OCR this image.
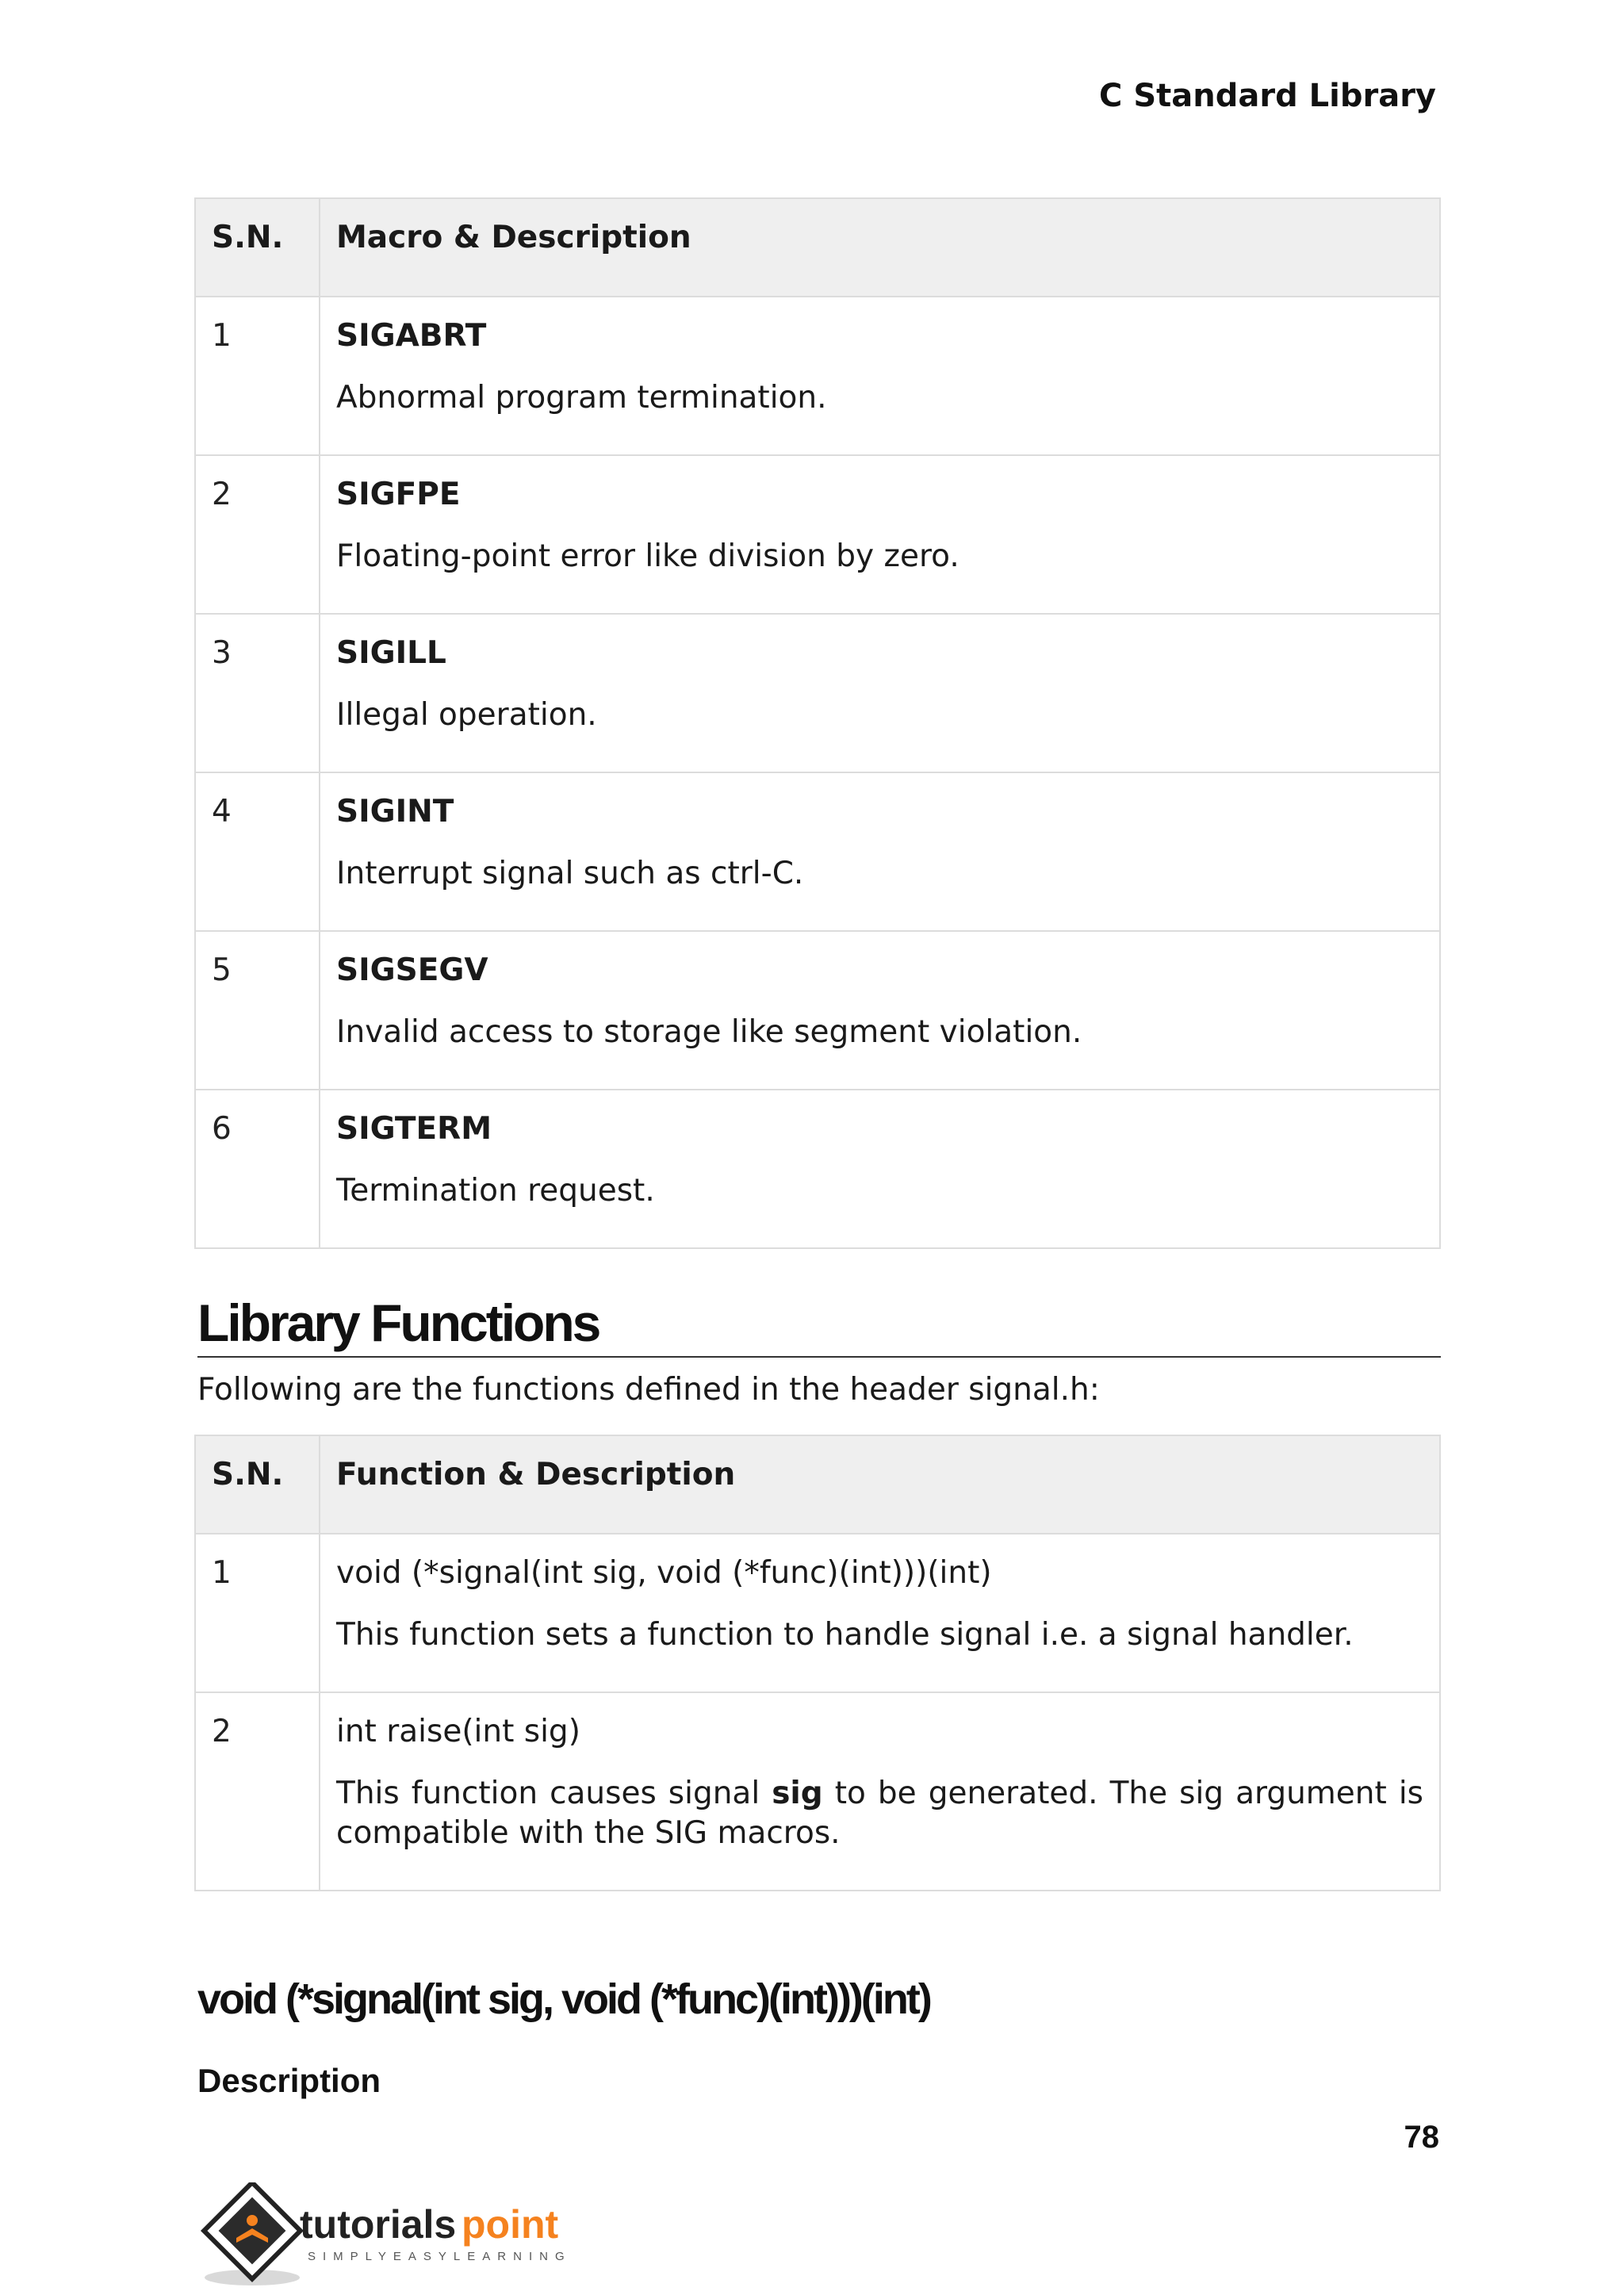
C Standard Library
S.N.	Macro & Description
1	SIGABRT
Abnormal program termination.

2	SIGFPE
Floating-point error like division by zero.

3	SIGILL
Illegal operation.

4	SIGINT
Interrupt signal such as ctrl-C.

5	SIGSEGV
Invalid access to storage like segment violation.

6	SIGTERM
Termination request.
Library Functions
Following are the functions defined in the header signal.h:
S.N.	Function & Description
1	void (*signal(int sig, void (*func)(int)))(int)
This function sets a function to handle signal i.e. a signal handler.

2	int raise(int sig)
This function causes signal sig to be generated. The sig argument is compatible with the SIG macros.
void (*signal(int sig, void (*func)(int)))(int)
Description
78
tutorials point
SIMPLYEASYLEARNING
